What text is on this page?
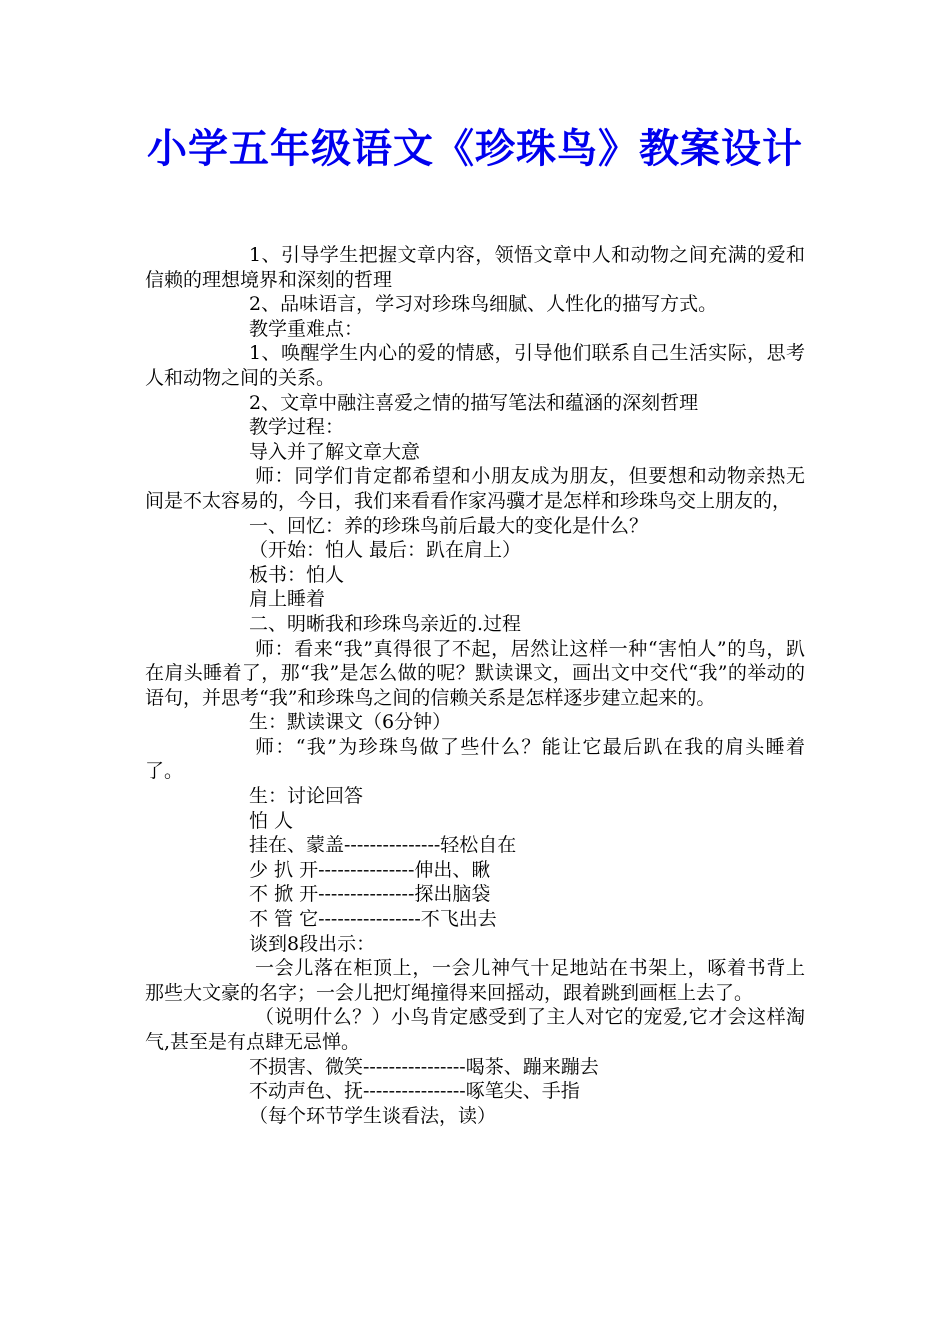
小学五年级语文《珍珠鸟》教案设计

1、引导学生把握文章内容，领悟文章中人和动物之间充满的爱和信赖的理想境界和深刻的哲理

2、品味语言，学习对珍珠鸟细腻、人性化的描写方式。

教学重难点：

1、唤醒学生内心的爱的情感，引导他们联系自己生活实际，思考人和动物之间的关系。

2、文章中融注喜爱之情的描写笔法和蕴涵的深刻哲理

教学过程：

导入并了解文章大意

师：同学们肯定都希望和小朋友成为朋友，但要想和动物亲热无间是不太容易的，今日，我们来看看作家冯骥才是怎样和珍珠鸟交上朋友的，

一、回忆：养的珍珠鸟前后最大的变化是什么？

（开始：怕人 最后：趴在肩上）

板书：怕人

肩上睡着

二、明晰我和珍珠鸟亲近的.过程

师：看来“我”真得很了不起，居然让这样一种“害怕人”的鸟，趴在肩头睡着了，那“我”是怎么做的呢？默读课文，画出文中交代“我”的举动的语句，并思考“我”和珍珠鸟之间的信赖关系是怎样逐步建立起来的。

生：默读课文（6分钟）

师：“我”为珍珠鸟做了些什么？能让它最后趴在我的肩头睡着了。

生：讨论回答

怕 人

挂在、蒙盖---------------轻松自在

少 扒 开---------------伸出、瞅

不 掀 开---------------探出脑袋

不 管 它----------------不飞出去

谈到8段出示：

一会儿落在柜顶上，一会儿神气十足地站在书架上，啄着书背上那些大文豪的名字；一会儿把灯绳撞得来回摇动，跟着跳到画框上去了。

（说明什么？）小鸟肯定感受到了主人对它的宠爱,它才会这样淘气,甚至是有点肆无忌惮。

不损害、微笑----------------喝茶、蹦来蹦去

不动声色、抚----------------啄笔尖、手指

（每个环节学生谈看法，读）
